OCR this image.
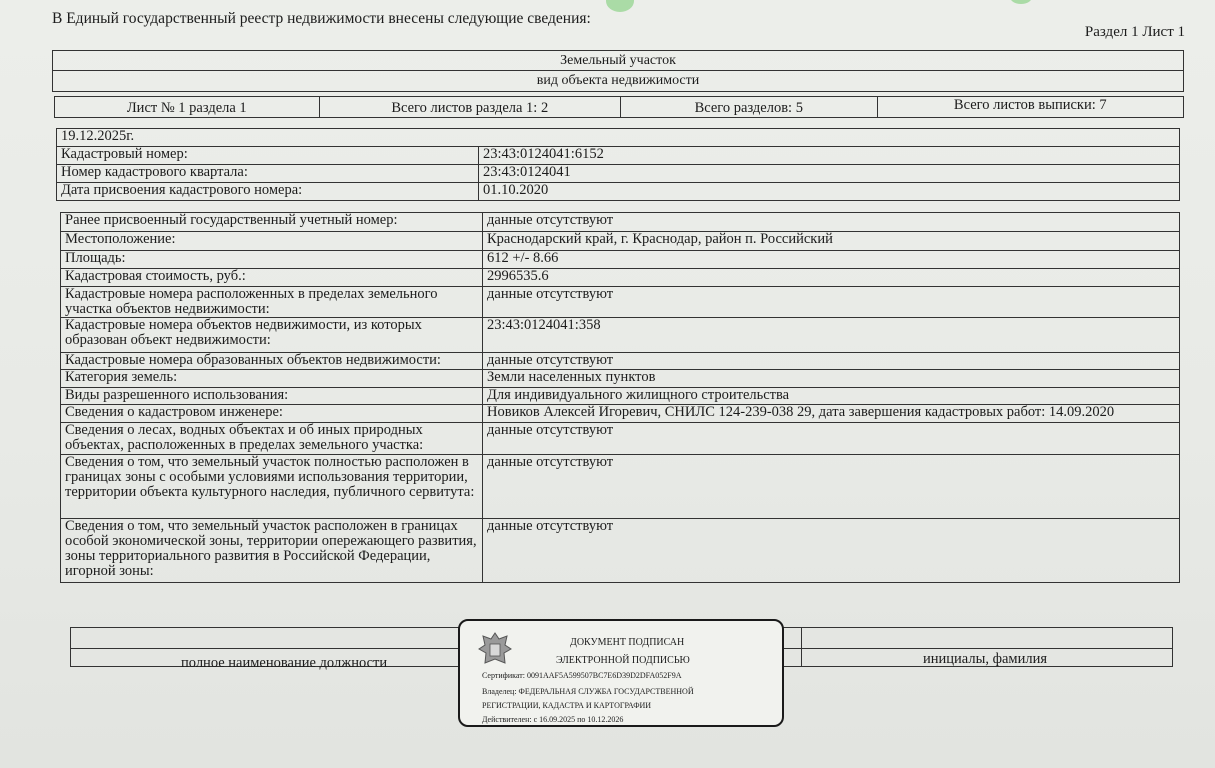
В Единый государственный реестр недвижимости внесены следующие сведения:
Раздел 1 Лист 1
Земельный участок
вид объекта недвижимости
Лист № 1 раздела 1	Всего листов раздела 1: 2	Всего разделов: 5	Всего листов выписки: 7
19.12.2025г.	
Кадастровый номер:	23:43:0124041:6152
Номер кадастрового квартала:	23:43:0124041
Дата присвоения кадастрового номера:	01.10.2020
Ранее присвоенный государственный учетный номер:	данные отсутствуют
Местоположение:	Краснодарский край, г. Краснодар, район п. Российский
Площадь:	612 +/- 8.66
Кадастровая стоимость, руб.:	2996535.6
Кадастровые номера расположенных в пределах земельного участка объектов недвижимости:	данные отсутствуют
Кадастровые номера объектов недвижимости, из которых образован объект недвижимости:	23:43:0124041:358
Кадастровые номера образованных объектов недвижимости:	данные отсутствуют
Категория земель:	Земли населенных пунктов
Виды разрешенного использования:	Для индивидуального жилищного строительства
Сведения о кадастровом инженере:	Новиков Алексей Игоревич, СНИЛС 124-239-038 29, дата завершения кадастровых работ: 14.09.2020
Сведения о лесах, водных объектах и об иных природных объектах, расположенных в пределах земельного участка:	данные отсутствуют
Сведения о том, что земельный участок полностью расположен в границах зоны с особыми условиями использования территории, территории объекта культурного наследия, публичного сервитута:	данные отсутствуют
Сведения о том, что земельный участок расположен в границах особой экономической зоны, территории опережающего развития, зоны территориального развития в Российской Федерации, игорной зоны:	данные отсутствуют
полное наименование должности	инициалы, фамилия
ДОКУМЕНТ ПОДПИСАН
ЭЛЕКТРОННОЙ ПОДПИСЬЮ
Сертификат: 0091AAF5A599507BC7E6D39D2DFA052F9A
Владелец: ФЕДЕРАЛЬНАЯ СЛУЖБА ГОСУДАРСТВЕННОЙ
РЕГИСТРАЦИИ, КАДАСТРА И КАРТОГРАФИИ
Действителен: с 16.09.2025 по 10.12.2026
